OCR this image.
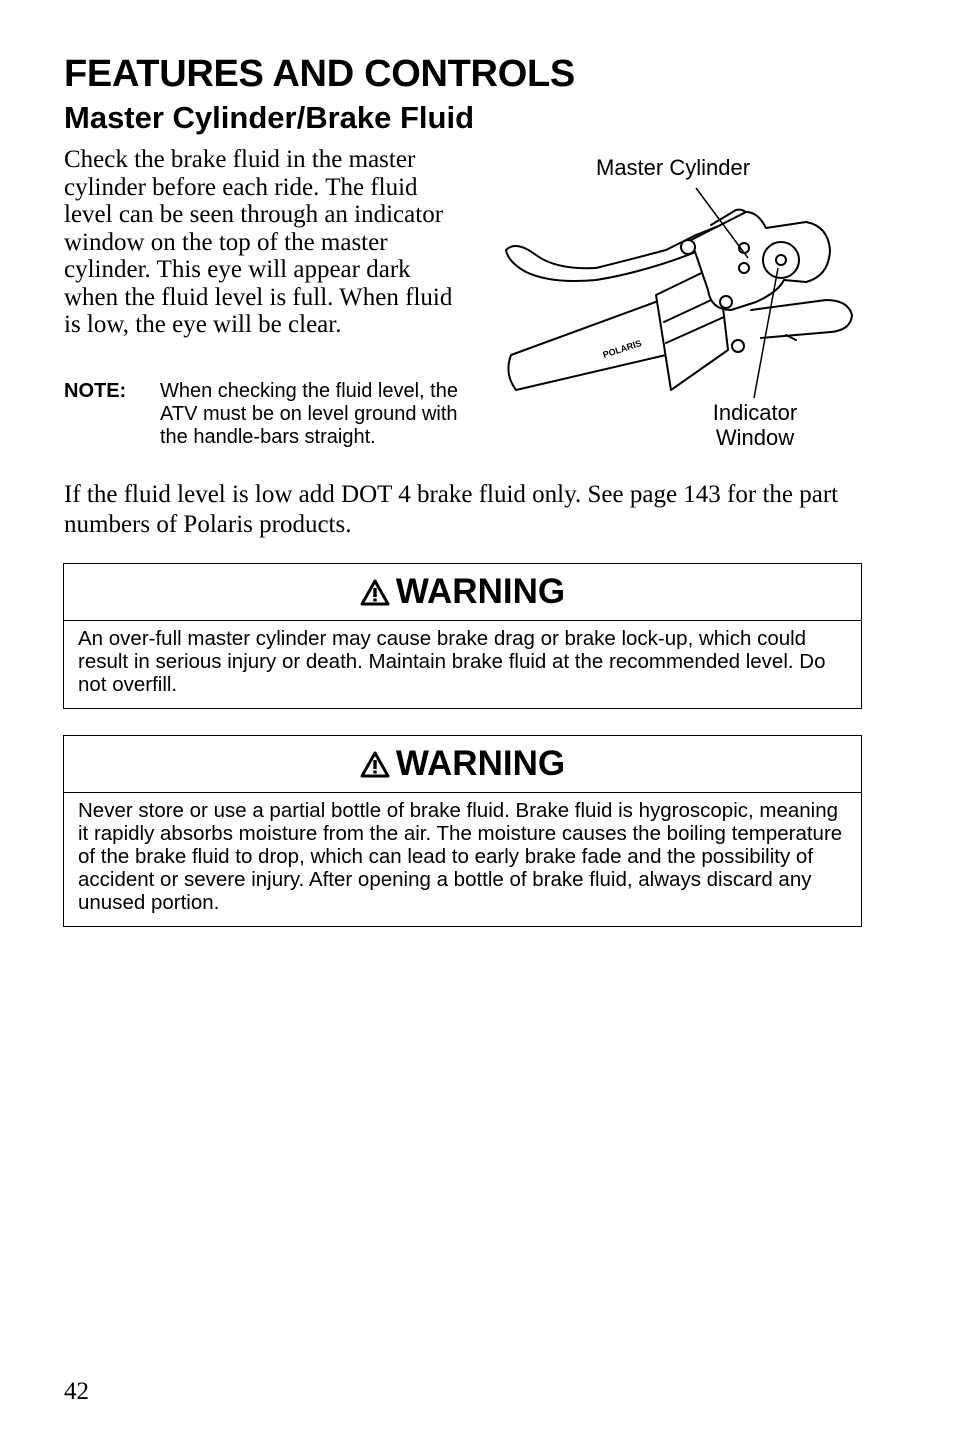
FEATURES AND CONTROLS
Master Cylinder/Brake Fluid

Check the brake fluid in the master cylinder before each ride. The fluid level can be seen through an indicator window on the top of the master cylinder. This eye will appear dark when the fluid level is full. When fluid is low, the eye will be clear.

NOTE: When checking the fluid level, the ATV must be on level ground with the handle-bars straight.
POLARIS
Master Cylinder
Indicator
Window

If the fluid level is low add DOT 4 brake fluid only. See page 143 for the part numbers of Polaris products.

WARNING
An over-full master cylinder may cause brake drag or brake lock-up, which could result in serious injury or death. Maintain brake fluid at the recommended level. Do not overfill.
WARNING
Never store or use a partial bottle of brake fluid. Brake fluid is hygroscopic, meaning it rapidly absorbs moisture from the air. The moisture causes the boiling temperature of the brake fluid to drop, which can lead to early brake fade and the possibility of accident or severe injury. After opening a bottle of brake fluid, always discard any unused portion.
42
